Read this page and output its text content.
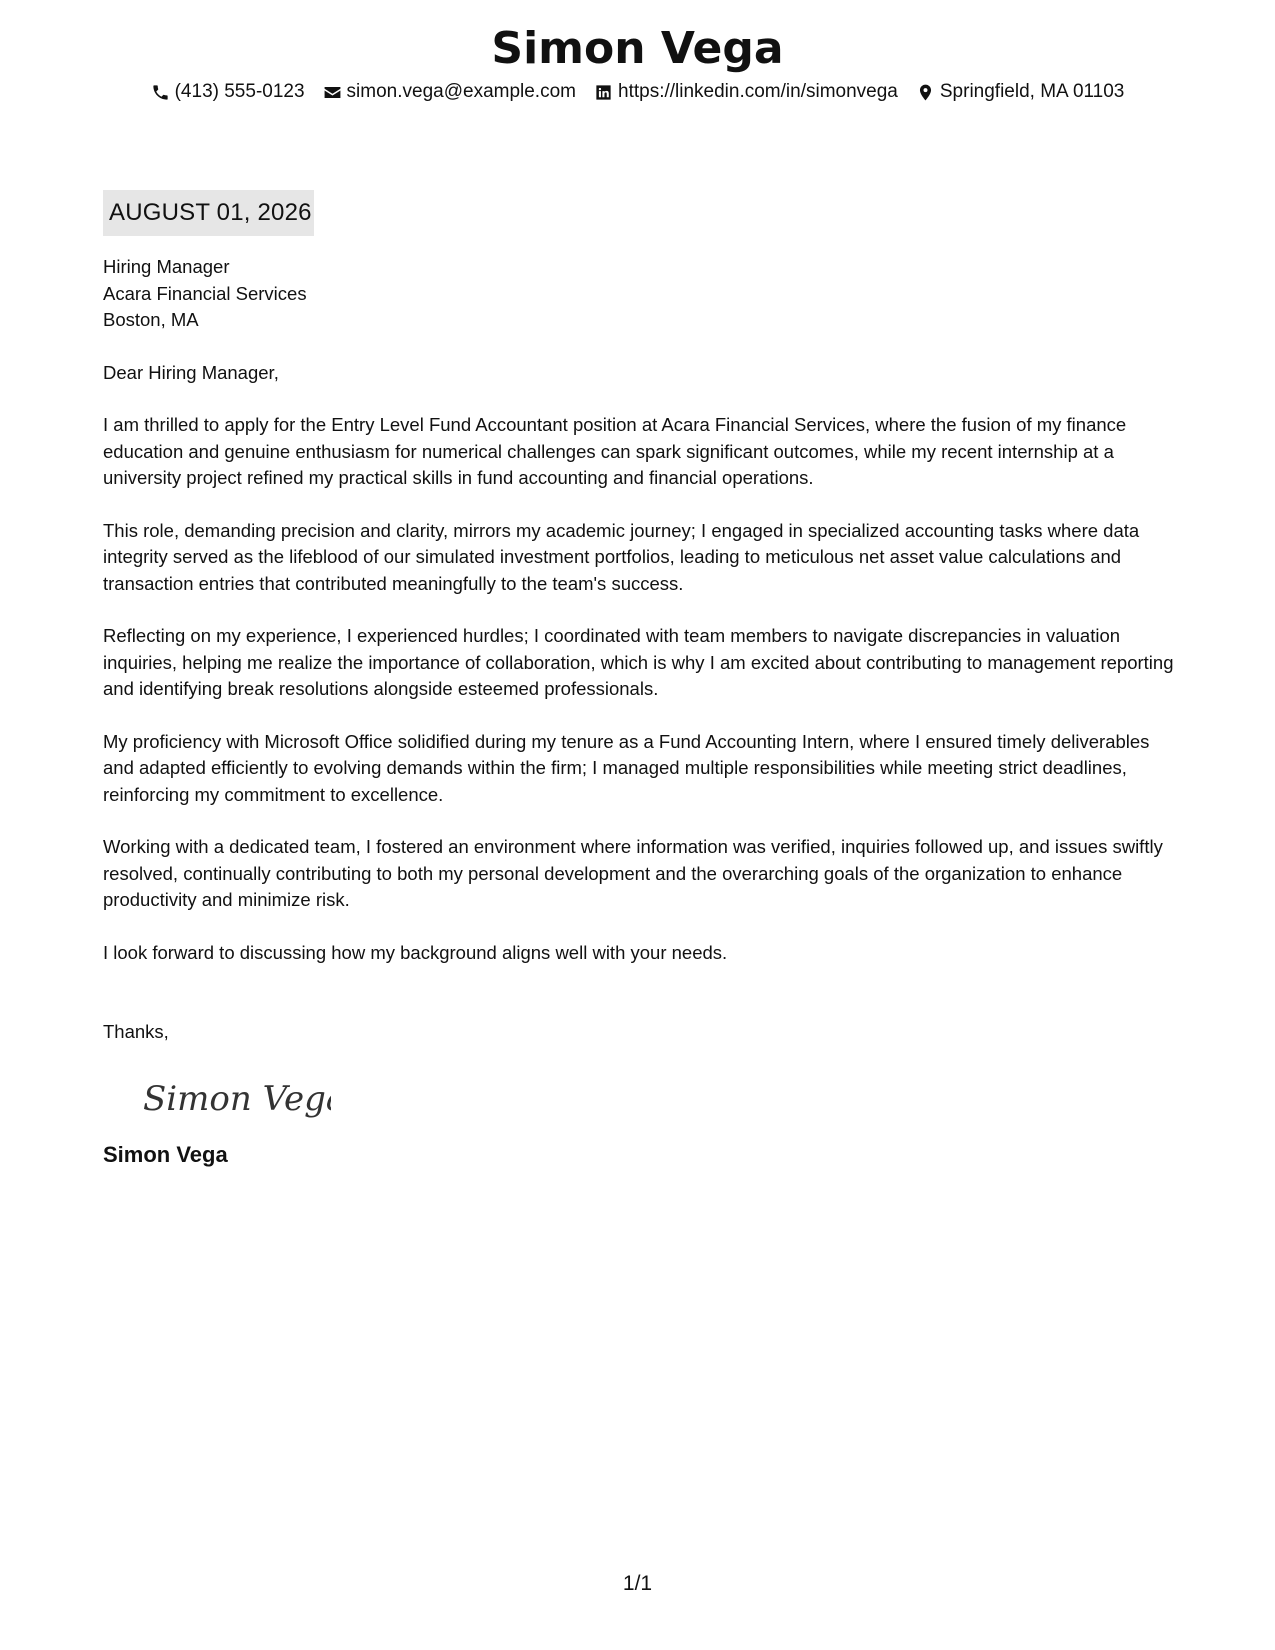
Simon Vega
(413) 555-0123 simon.vega@example.com https://linkedin.com/in/simonvega Springfield, MA 01103
AUGUST 01, 2026
Hiring Manager
Acara Financial Services
Boston, MA
Dear Hiring Manager,
I am thrilled to apply for the Entry Level Fund Accountant position at Acara Financial Services, where the fusion of my finance education and genuine enthusiasm for numerical challenges can spark significant outcomes, while my recent internship at a university project refined my practical skills in fund accounting and financial operations.
This role, demanding precision and clarity, mirrors my academic journey; I engaged in specialized accounting tasks where data integrity served as the lifeblood of our simulated investment portfolios, leading to meticulous net asset value calculations and transaction entries that contributed meaningfully to the team's success.
Reflecting on my experience, I experienced hurdles; I coordinated with team members to navigate discrepancies in valuation inquiries, helping me realize the importance of collaboration, which is why I am excited about contributing to management reporting and identifying break resolutions alongside esteemed professionals.
My proficiency with Microsoft Office solidified during my tenure as a Fund Accounting Intern, where I ensured timely deliverables and adapted efficiently to evolving demands within the firm; I managed multiple responsibilities while meeting strict deadlines, reinforcing my commitment to excellence.
Working with a dedicated team, I fostered an environment where information was verified, inquiries followed up, and issues swiftly resolved, continually contributing to both my personal development and the overarching goals of the organization to enhance productivity and minimize risk.
I look forward to discussing how my background aligns well with your needs.
Thanks,
Simon Vega
Simon Vega
1/1
